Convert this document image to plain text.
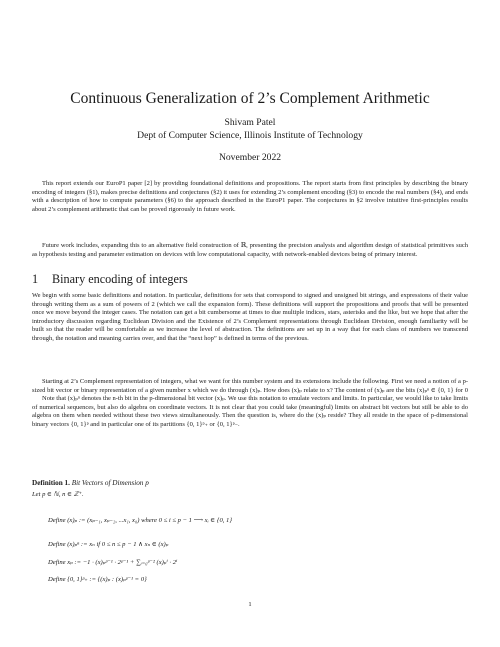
Continuous Generalization of 2’s Complement Arithmetic
Shivam Patel
Dept of Computer Science, Illinois Institute of Technology
November 2022
This report extends our EuroP1 paper [2] by providing foundational definitions and propositions. The report starts from first principles by describing the binary encoding of integers (§1), makes precise definitions and conjectures (§2) it uses for extending 2’s complement encoding (§3) to encode the real numbers (§4), and ends with a description of how to compute parameters (§6) to the approach described in the EuroP1 paper. The conjectures in §2 involve intuitive first-principles results about 2’s complement arithmetic that can be proved rigorously in future work.
Future work includes, expanding this to an alternative field construction of ℝ, presenting the precision analysis and algorithm design of statistical primitives such as hypothesis testing and parameter estimation on devices with low computational capacity, with network-enabled devices being of primary interest.
1 Binary encoding of integers
We begin with some basic definitions and notation. In particular, definitions for sets that correspond to signed and unsigned bit strings, and expressions of their value through writing them as a sum of powers of 2 (which we call the expansion form). These definitions will support the propositions and proofs that will be presented once we move beyond the integer cases. The notation can get a bit cumbersome at times to due multiple indices, stars, asterisks and the like, but we hope that after the introductory discussion regarding Euclidean Division and the Existence of 2’s Complement representations through Euclidean Division, enough familiarity will be built so that the reader will be comfortable as we increase the level of abstraction. The definitions are set up in a way that for each class of numbers we transcend through, the notation and meaning carries over, and that the “next hop” is defined in terms of the previous.
Starting at 2’s Complement representation of integers, what we want for this number system and its extensions include the following. First we need a notion of a p-sized bit vector or binary representation of a given number x which we do through (x)ₚ. How does (x)ₚ relate to x? The content of (x)ₚ are the bits (x)ₚⁿ ∈ {0, 1} for 0
Note that (x)ₚⁿ denotes the n-th bit in the p-dimensional bit vector (x)ₚ. We use this notation to emulate vectors and limits. In particular, we would like to take limits of numerical sequences, but also do algebra on coordinate vectors. It is not clear that you could take (meaningful) limits on abstract bit vectors but still be able to do algebra on them when needed without these two views simultaneously. Then the question is, where do the (x)ₚ reside? They all reside in the space of p-dimensional binary vectors {0, 1}ᵖ and in particular one of its partitions {0, 1}ᵖ₊ or {0, 1}ᵖ₋.
Definition 1. Bit Vectors of Dimension p
Let p ∈ ℕ, n ∈ ℤ⁺.
Define (x)ₚ := (xₚ₋₁, xₚ₋₂, ...x₁, x₀) where 0 ≤ i ≤ p − 1 ⟶ xᵢ ∈ {0, 1}
Define (x)ₚⁿ := xₙ if 0 ≤ n ≤ p − 1 ∧ xₙ ∈ (x)ₚ
Define xₚ := −1 · (x)ₚᵖ⁻¹ · 2ᵖ⁻¹ + ∑ᵢ₌₀ᵖ⁻² (x)ₚⁱ · 2ⁱ
Define {0, 1}ᵖ₊ := {(x)ₚ : (x)ₚᵖ⁻¹ = 0}
1
